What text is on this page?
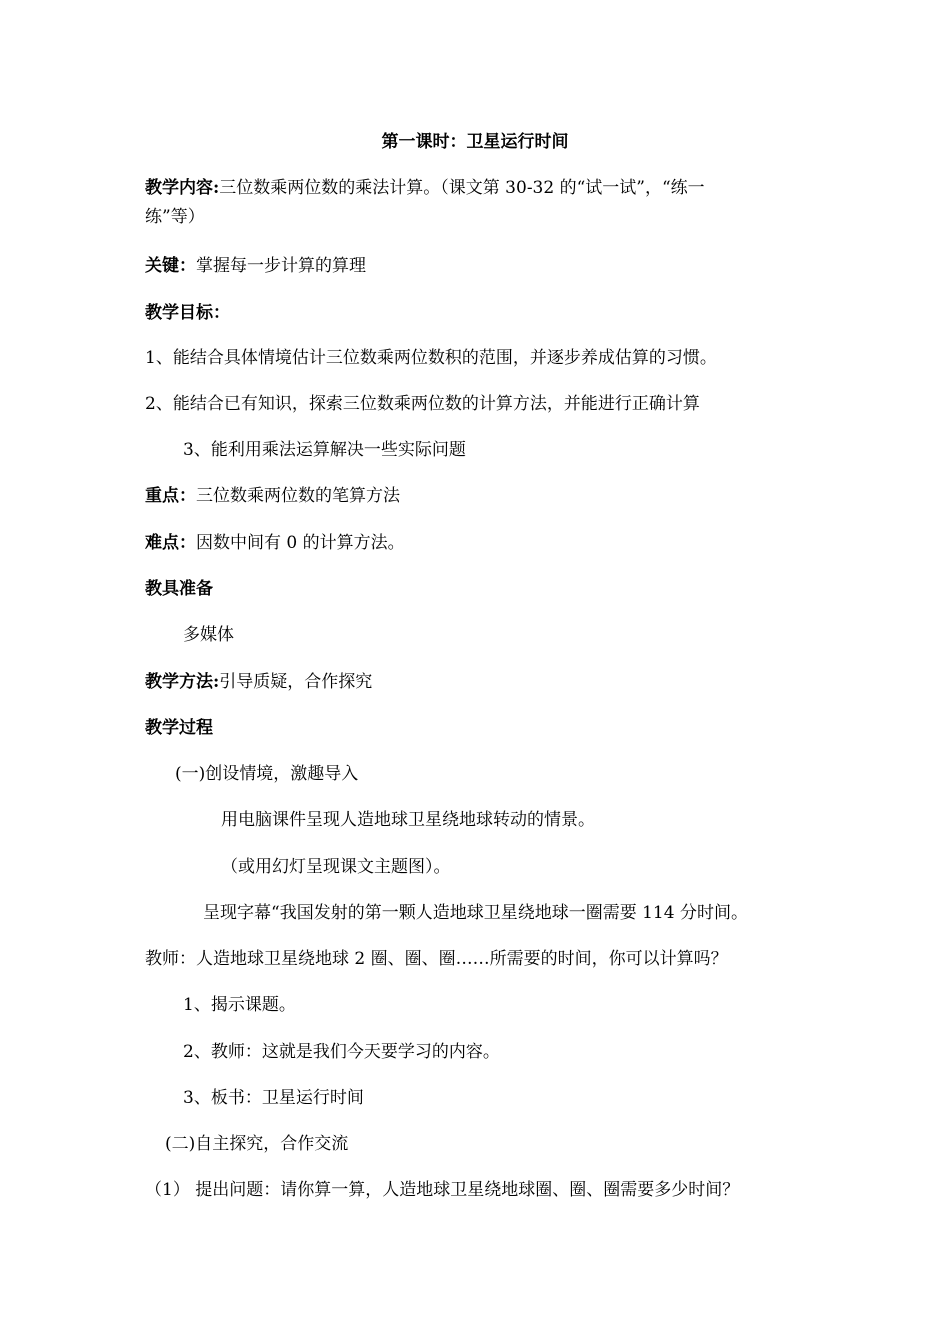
第一课时：卫星运行时间
教学内容:三位数乘两位数的乘法计算。（课文第 30-32 的“试一试”，“练一
练”等）
关键：掌握每一步计算的算理
教学目标：
1、能结合具体情境估计三位数乘两位数积的范围，并逐步养成估算的习惯。
2、能结合已有知识，探索三位数乘两位数的计算方法，并能进行正确计算
3、能利用乘法运算解决一些实际问题
重点：三位数乘两位数的笔算方法
难点：因数中间有 0 的计算方法。
教具准备
多媒体
教学方法:引导质疑，合作探究
教学过程
(一)创设情境，激趣导入
用电脑课件呈现人造地球卫星绕地球转动的情景。
（或用幻灯呈现课文主题图）。
呈现字幕“我国发射的第一颗人造地球卫星绕地球一圈需要 114 分时间。
教师：人造地球卫星绕地球 2 圈、圈、圈……所需要的时间，你可以计算吗？
1、揭示课题。
2、教师：这就是我们今天要学习的内容。
3、板书：卫星运行时间
(二)自主探究，合作交流
（1） 提出问题：请你算一算，人造地球卫星绕地球圈、圈、圈需要多少时间？
